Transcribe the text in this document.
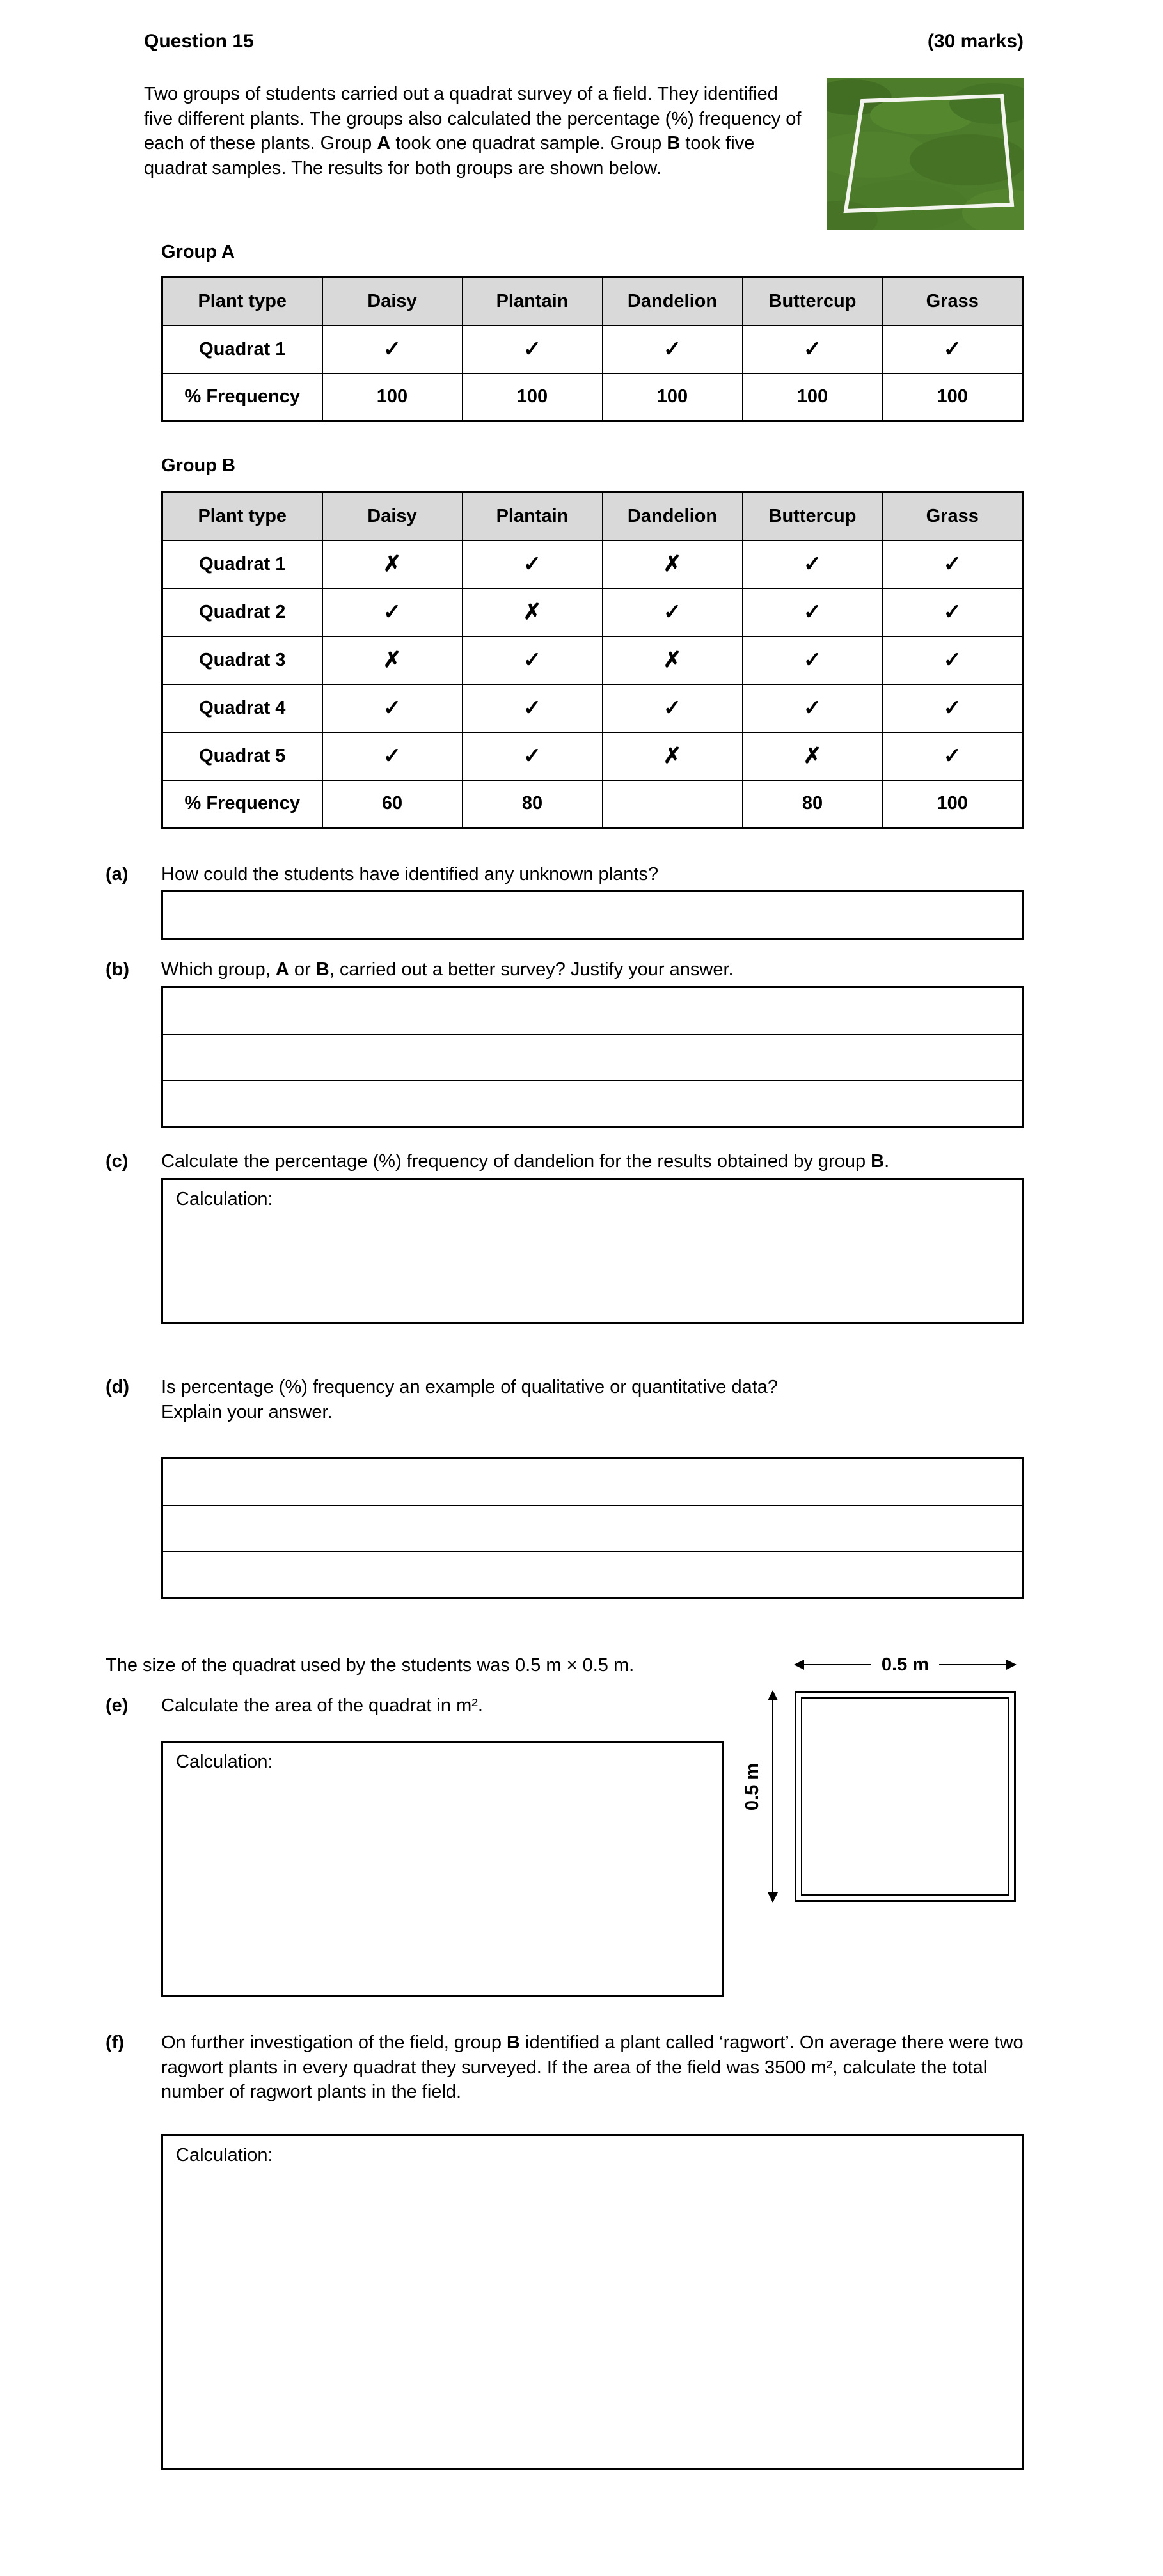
Question 15	(30 marks)

Two groups of students carried out a quadrat survey of a field. They identified five different plants. The groups also calculated the percentage (%) frequency of each of these plants. Group A took one quadrat sample. Group B took five quadrat samples. The results for both groups are shown below.

Group A
Plant type	Daisy	Plantain	Dandelion	Buttercup	Grass
Quadrat 1	✓	✓	✓	✓	✓
% Frequency	100	100	100	100	100
Group B
Plant type	Daisy	Plantain	Dandelion	Buttercup	Grass
Quadrat 1	✗	✓	✗	✓	✓
Quadrat 2	✓	✗	✓	✓	✓
Quadrat 3	✗	✓	✗	✓	✓
Quadrat 4	✓	✓	✓	✓	✓
Quadrat 5	✓	✓	✗	✗	✓
% Frequency	60	80		80	100
(a)	How could the students have identified any unknown plants?
(b)	Which group, A or B, carried out a better survey? Justify your answer.
(c)	Calculate the percentage (%) frequency of dandelion for the results obtained by group B.
Calculation:
(d)	Is percentage (%) frequency an example of qualitative or quantitative data?
Explain your answer.
The size of the quadrat used by the students was 0.5 m × 0.5 m.
(e)	Calculate the area of the quadrat in m².
Calculation:
0.5 m
0.5 m
(f)	On further investigation of the field, group B identified a plant called ‘ragwort’. On average there were two ragwort plants in every quadrat they surveyed. If the area of the field was 3500 m², calculate the total number of ragwort plants in the field.
Calculation:
